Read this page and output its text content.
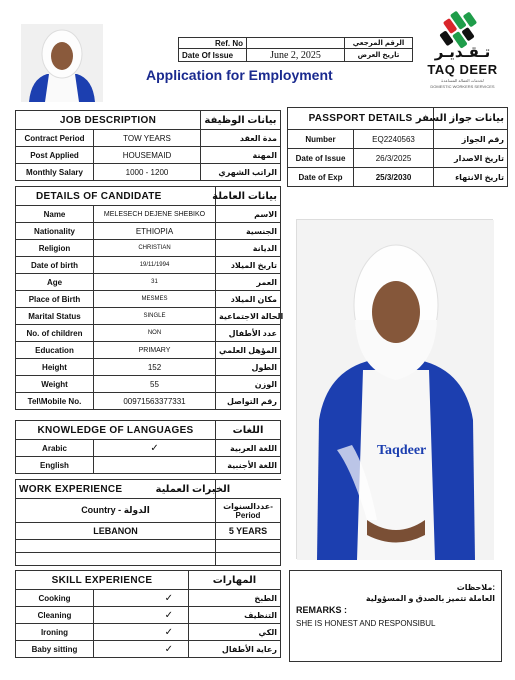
Ref. No		الرقم المرجعي
Date Of Issue	June 2, 2025	تاريخ العرض
Application for Employment
تـقـديـر
TAQ DEER
لخدمات العمالة المساعدة
DOMESTIC WORKERS SERVICES
JOB DESCRIPTION		بيانات الوظيفة
Contract Period	TOW YEARS	مدة العقد
Post Applied	HOUSEMAID	المهنة
Monthly Salary	1000 - 1200	الراتب الشهري
PASSPORT DETAILS		بيانات جواز السفر
Number	EQ2240563	رقم الجواز
Date of Issue	26/3/2025	تاريخ الاصدار
Date of Exp	25/3/2030	تاريخ الانتهاء
DETAILS OF CANDIDATE		بيانات العاملة
Name	MELESECH DEJENE SHEBIKO	الاسم
Nationality	ETHIOPIA	الجنسية
Religion	CHRISTIAN	الديانة
Date of birth	19/11/1994	تاريخ الميلاد
Age	31	العمر
Place of Birth	MESMES	مكان الميلاد
Marital Status	SINGLE	الحالة الاجتماعية
No. of children	NON	عدد الأطفال
Education	PRIMARY	المؤهل العلمي
Height	152	الطول
Weight	55	الوزن
Tel\Mobile No.	00971563377331	رقم التواصل
KNOWLEDGE OF LANGUAGES		اللغات
Arabic	✓	اللغة العربية
English		اللغة الأجنبية
WORK EXPERIENCE الخبرات العملية	
Country - الدولة	عددالسنوات-
Period

LEBANON	5 YEARS

SKILL EXPERIENCE		المهارات
Cooking	✓	الطبخ
Cleaning	✓	التنظيف
Ironing	✓	الكي
Baby sitting	✓	رعاية الأطفال
Taqdeer
ملاحظات:
العاملة تتميز بالصدق و المسؤولية
REMARKS :
SHE IS HONEST AND RESPONSIBUL
